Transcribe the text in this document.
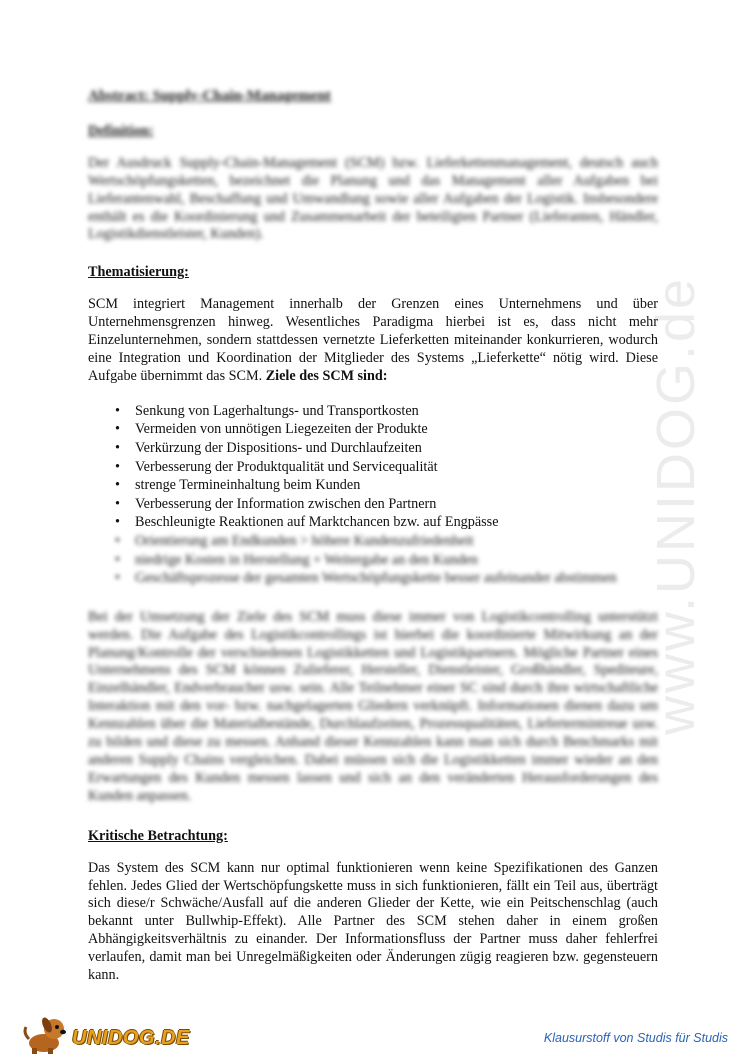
www.UNIDOG.de
Abstract: Supply-Chain-Management
Definition:

Der Ausdruck Supply-Chain-Management (SCM) bzw. Lieferkettenmanagement, deutsch auch Wertschöpfungsketten, bezeichnet die Planung und das Management aller Aufgaben bei Lieferantenwahl, Beschaffung und Umwandlung sowie aller Aufgaben der Logistik. Insbesondere enthält es die Koordinierung und Zusammenarbeit der beteiligten Partner (Lieferanten, Händler, Logistikdienstleister, Kunden).

Thematisierung:

SCM integriert Management innerhalb der Grenzen eines Unternehmens und über Unternehmensgrenzen hinweg. Wesentliches Paradigma hierbei ist es, dass nicht mehr Einzelunternehmen, sondern stattdessen vernetzte Lieferketten miteinander konkurrieren, wodurch eine Integration und Koordination der Mitglieder des Systems „Lieferkette“ nötig wird. Diese Aufgabe übernimmt das SCM. Ziele des SCM sind:

• Senkung von Lagerhaltungs- und Transportkosten
• Vermeiden von unnötigen Liegezeiten der Produkte
• Verkürzung der Dispositions- und Durchlaufzeiten
• Verbesserung der Produktqualität und Servicequalität
• strenge Termineinhaltung beim Kunden
• Verbesserung der Information zwischen den Partnern
• Beschleunigte Reaktionen auf Marktchancen bzw. auf Engpässe
• Orientierung am Endkunden > höhere Kundenzufriedenheit
• niedrige Kosten in Herstellung + Weitergabe an den Kunden
• Geschäftsprozesse der gesamten Wertschöpfungskette besser aufeinander abstimmen

Bei der Umsetzung der Ziele des SCM muss diese immer von Logistikcontrolling unterstützt werden. Die Aufgabe des Logistikcontrollings ist hierbei die koordinierte Mitwirkung an der Planung/Kontrolle der verschiedenen Logistikketten und Logistikpartnern. Mögliche Partner eines Unternehmens des SCM können Zulieferer, Hersteller, Dienstleister, Großhändler, Spediteure, Einzelhändler, Endverbraucher usw. sein. Alle Teilnehmer einer SC sind durch ihre wirtschaftliche Interaktion mit den vor- bzw. nachgelagerten Gliedern verknüpft. Informationen dienen dazu um Kennzahlen über die Materialbestände, Durchlaufzeiten, Prozessqualitäten, Liefertermintreue usw. zu bilden und diese zu messen. Anhand dieser Kennzahlen kann man sich durch Benchmarks mit anderen Supply Chains vergleichen. Dabei müssen sich die Logistikketten immer wieder an den Erwartungen des Kunden messen lassen und sich an den veränderten Herausforderungen des Kunden anpassen.

Kritische Betrachtung:

Das System des SCM kann nur optimal funktionieren wenn keine Spezifikationen des Ganzen fehlen. Jedes Glied der Wertschöpfungskette muss in sich funktionieren, fällt ein Teil aus, überträgt sich diese/r Schwäche/Ausfall auf die anderen Glieder der Kette, wie ein Peitschenschlag (auch bekannt unter Bullwhip-Effekt). Alle Partner des SCM stehen daher in einem großen Abhängigkeitsverhältnis zu einander. Der Informationsfluss der Partner muss daher fehlerfrei verlaufen, damit man bei Unregelmäßigkeiten oder Änderungen zügig reagieren bzw. gegensteuern kann.

UNIDOG.DE	Klausurstoff von Studis für Studis
